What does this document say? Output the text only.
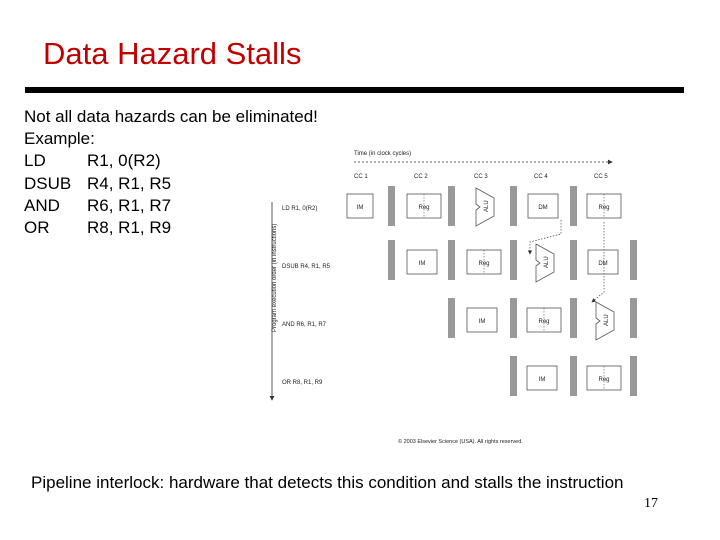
Data Hazard Stalls
Not all data hazards can be eliminated!
Example:
LD	R1, 0(R2)
DSUB R4, R1, R5
AND	R6, R1, R7
OR	R8, R1, R9
Time (in clock cycles)
CC 1	CC 2	CC 3	CC 4	CC 5
Program execution order (in instructions)
LD R1, 0(R2)
DSUB R4, R1, R5
AND R6, R1, R7
OR R8, R1, R9
IM	Reg	ALU	DM	Reg
IM	Reg	ALU	DM
IM	Reg	ALU
IM	Reg
© 2003 Elsevier Science (USA). All rights reserved.
Pipeline interlock: hardware that detects this condition and stalls the instruction
17
